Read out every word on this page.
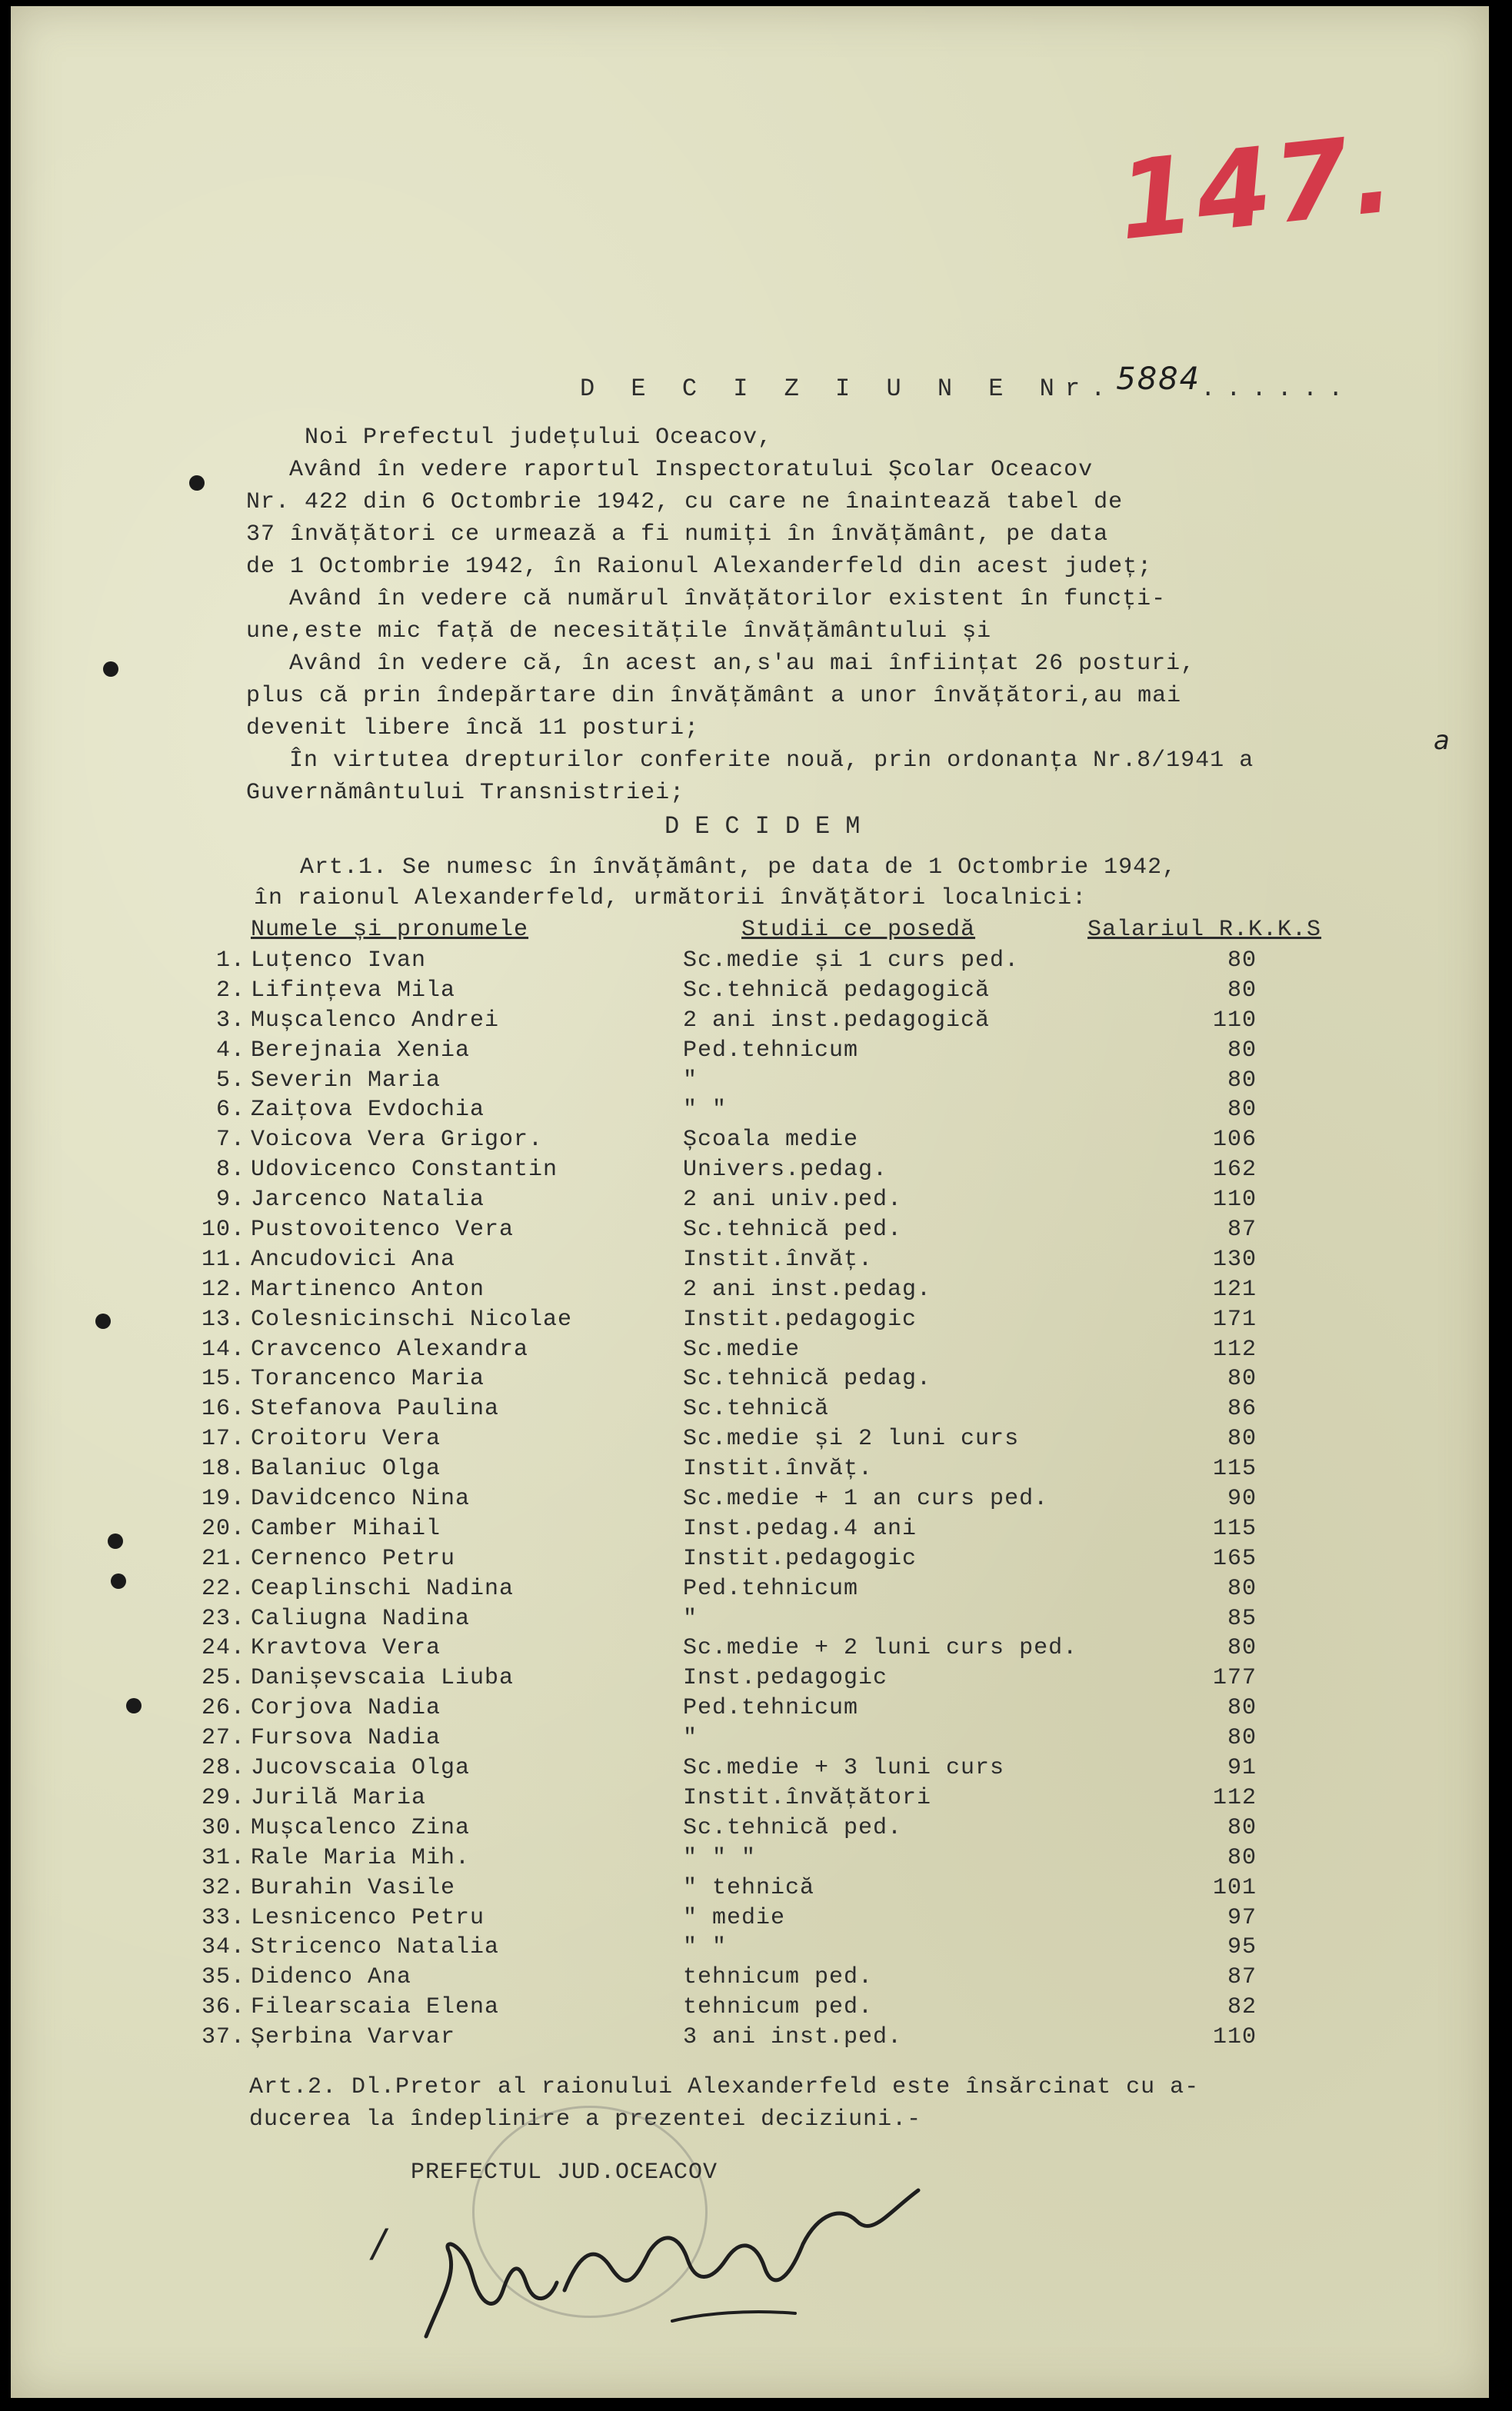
147.
D E C I Z I U N E Nr.5884......
Noi Prefectul județului Oceacov,
Având în vedere raportul Inspectoratului Școlar Oceacov
Nr. 422 din 6 Octombrie 1942, cu care ne înaintează tabel de
37 învățători ce urmează a fi numiți în învățământ, pe data
de 1 Octombrie 1942, în Raionul Alexanderfeld din acest județ;
Având în vedere că numărul învățătorilor existent în funcți-
une,este mic față de necesitățile învățământului și
Având în vedere că, în acest an,s'au mai înființat 26 posturi,
plus că prin îndepărtare din învățământ a unor învățători,au mai
devenit libere încă 11 posturi;
În virtutea drepturilor conferite nouă, prin ordonanța Nr.8/1941 a
Guvernământului Transnistriei;
DECIDEM
Art.1. Se numesc în învățământ, pe data de 1 Octombrie 1942,
în raionul Alexanderfeld, următorii învățători localnici:
Numele și pronumele	Studii ce posedă	Salariul R.K.K.S
1. Luțenco Ivan	Sc.medie și 1 curs ped.	80
2. Lifințeva Mila	Sc.tehnică pedagogică	80
3. Mușcalenco Andrei	2 ani inst.pedagogică	110
4. Berejnaia Xenia	Ped.tehnicum	80
5. Severin Maria	"	80
6. Zaițova Evdochia	" "	80
7. Voicova Vera Grigor.	Școala medie	106
8. Udovicenco Constantin	Univers.pedag.	162
9. Jarcenco Natalia	2 ani univ.ped.	110
10. Pustovoitenco Vera	Sc.tehnică ped.	87
11. Ancudovici Ana	Instit.învăț.	130
12. Martinenco Anton	2 ani inst.pedag.	121
13. Colesnicinschi Nicolae	Instit.pedagogic	171
14. Cravcenco Alexandra	Sc.medie	112
15. Torancenco Maria	Sc.tehnică pedag.	80
16. Stefanova Paulina	Sc.tehnică	86
17. Croitoru Vera	Sc.medie și 2 luni curs	80
18. Balaniuc Olga	Instit.învăț.	115
19. Davidcenco Nina	Sc.medie + 1 an curs ped.	90
20. Camber Mihail	Inst.pedag.4 ani	115
21. Cernenco Petru	Instit.pedagogic	165
22. Ceaplinschi Nadina	Ped.tehnicum	80
23. Caliugna Nadina	"	85
24. Kravtova Vera	Sc.medie + 2 luni curs ped.	80
25. Danișevscaia Liuba	Inst.pedagogic	177
26. Corjova Nadia	Ped.tehnicum	80
27. Fursova Nadia	"	80
28. Jucovscaia Olga	Sc.medie + 3 luni curs	91
29. Jurilă Maria	Instit.învățători	112
30. Mușcalenco Zina	Sc.tehnică ped.	80
31. Rale Maria Mih.	" " "	80
32. Burahin Vasile	" tehnică	101
33. Lesnicenco Petru	" medie	97
34. Stricenco Natalia	" "	95
35. Didenco Ana	tehnicum ped.	87
36. Filearscaia Elena	tehnicum ped.	82
37. Șerbina Varvar	3 ani inst.ped.	110
Art.2. Dl.Pretor al raionului Alexanderfeld este însărcinat cu a-
ducerea la îndeplinire a prezentei deciziuni.-
PREFECTUL JUD.OCEACOV
/
a
